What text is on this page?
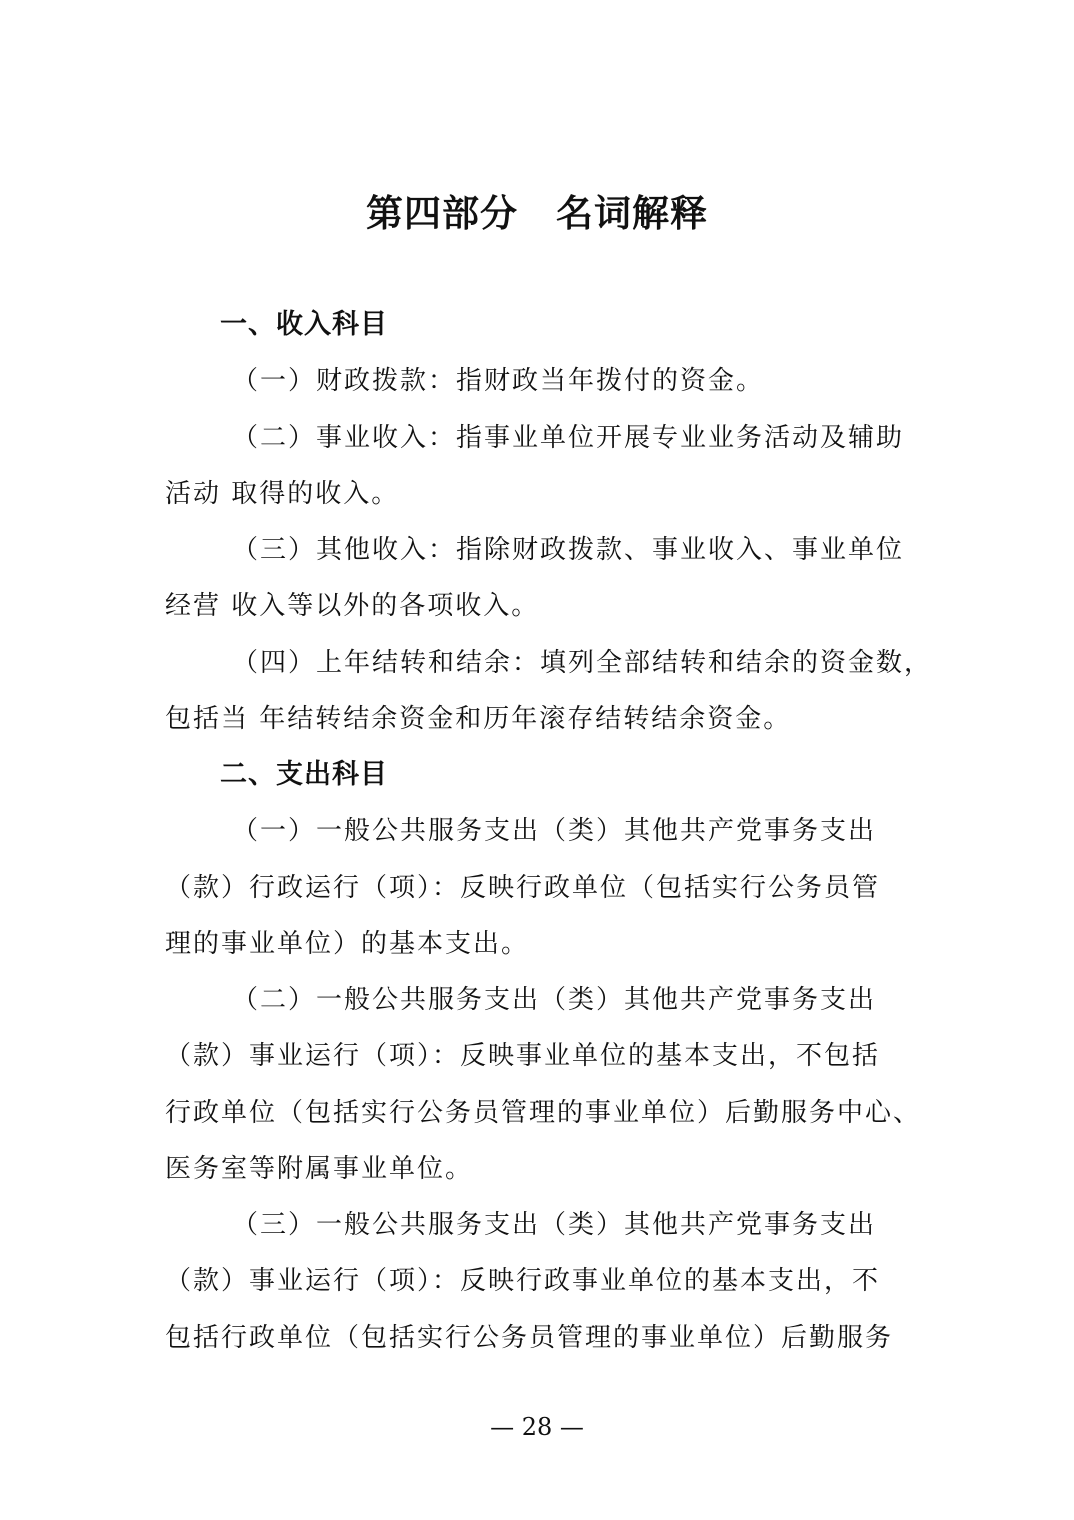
第四部分　名词解释
一、收入科目
（一）财政拨款：指财政当年拨付的资金。
（二）事业收入：指事业单位开展专业业务活动及辅助
活动 取得的收入。
（三）其他收入：指除财政拨款、事业收入、事业单位
经营 收入等以外的各项收入。
（四）上年结转和结余：填列全部结转和结余的资金数，
包括当 年结转结余资金和历年滚存结转结余资金。
二、支出科目
（一）一般公共服务支出（类）其他共产党事务支出
（款）行政运行（项）：反映行政单位（包括实行公务员管
理的事业单位）的基本支出。
（二）一般公共服务支出（类）其他共产党事务支出
（款）事业运行（项）：反映事业单位的基本支出，不包括
行政单位（包括实行公务员管理的事业单位）后勤服务中心、
医务室等附属事业单位。
（三）一般公共服务支出（类）其他共产党事务支出
（款）事业运行（项）：反映行政事业单位的基本支出，不
包括行政单位（包括实行公务员管理的事业单位）后勤服务
— 28 —
